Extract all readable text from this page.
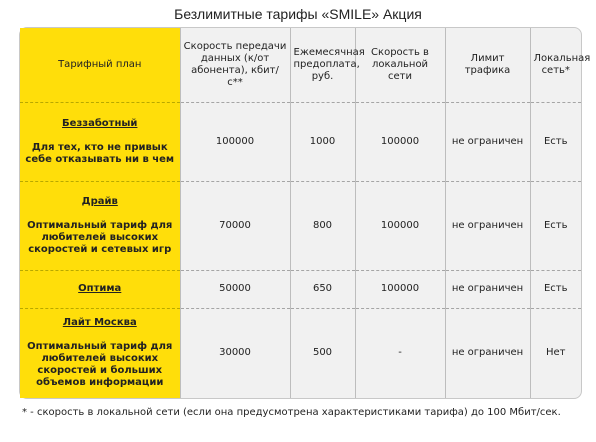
Безлимитные тарифы «SMILE» Акция
Тарифный план	Скорость передачи данных (к/от абонента), кбит/с**	Ежемесячная предоплата, руб.	Скорость в локальной сети	Лимит трафика	Локальная сеть*

Беззаботный
Для тех, кто не привык себе отказывать ни в чем	100000	1000	100000	не ограничен	Есть

Драйв
Оптимальный тариф для любителей высоких скоростей и сетевых игр	70000	800	100000	не ограничен	Есть

Оптима	50000	650	100000	не ограничен	Есть

Лайт Москва
Оптимальный тариф для любителей высоких скоростей и больших объемов информации	30000	500	-	не ограничен	Нет
* - скорость в локальной сети (если она предусмотрена характеристиками тарифа) до 100 Мбит/сек.
